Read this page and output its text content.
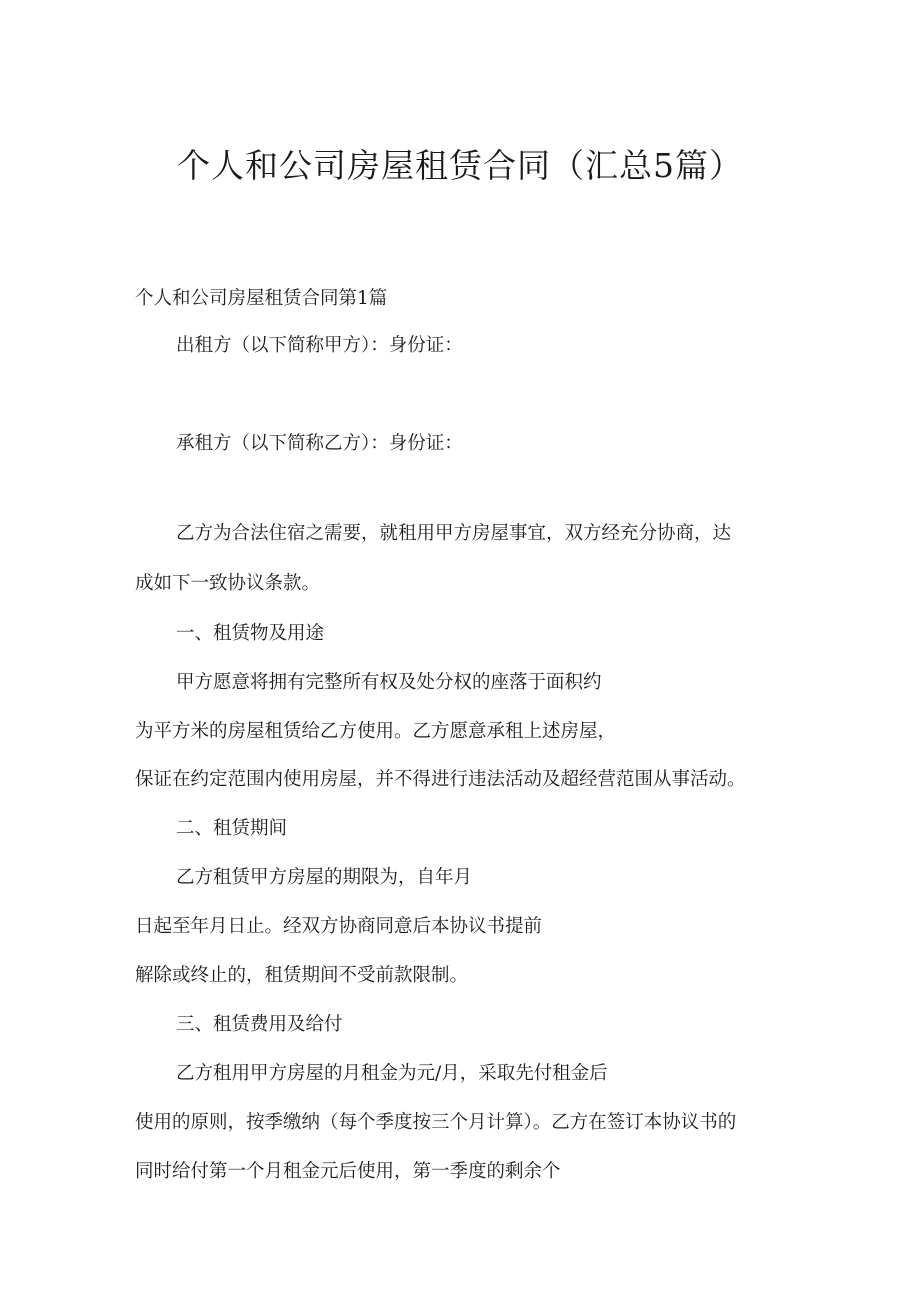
个人和公司房屋租赁合同（汇总5篇）

个人和公司房屋租赁合同第1篇

出租方（以下简称甲方）：身份证：

承租方（以下简称乙方）：身份证：

乙方为合法住宿之需要，就租用甲方房屋事宜，双方经充分协商，达

成如下一致协议条款。

一、租赁物及用途

甲方愿意将拥有完整所有权及处分权的座落于面积约

为平方米的房屋租赁给乙方使用。乙方愿意承租上述房屋，

保证在约定范围内使用房屋，并不得进行违法活动及超经营范围从事活动。

二、租赁期间

乙方租赁甲方房屋的期限为，自年月

日起至年月日止。经双方协商同意后本协议书提前

解除或终止的，租赁期间不受前款限制。

三、租赁费用及给付

乙方租用甲方房屋的月租金为元/月，采取先付租金后

使用的原则，按季缴纳（每个季度按三个月计算）。乙方在签订本协议书的

同时给付第一个月租金元后使用，第一季度的剩余个
